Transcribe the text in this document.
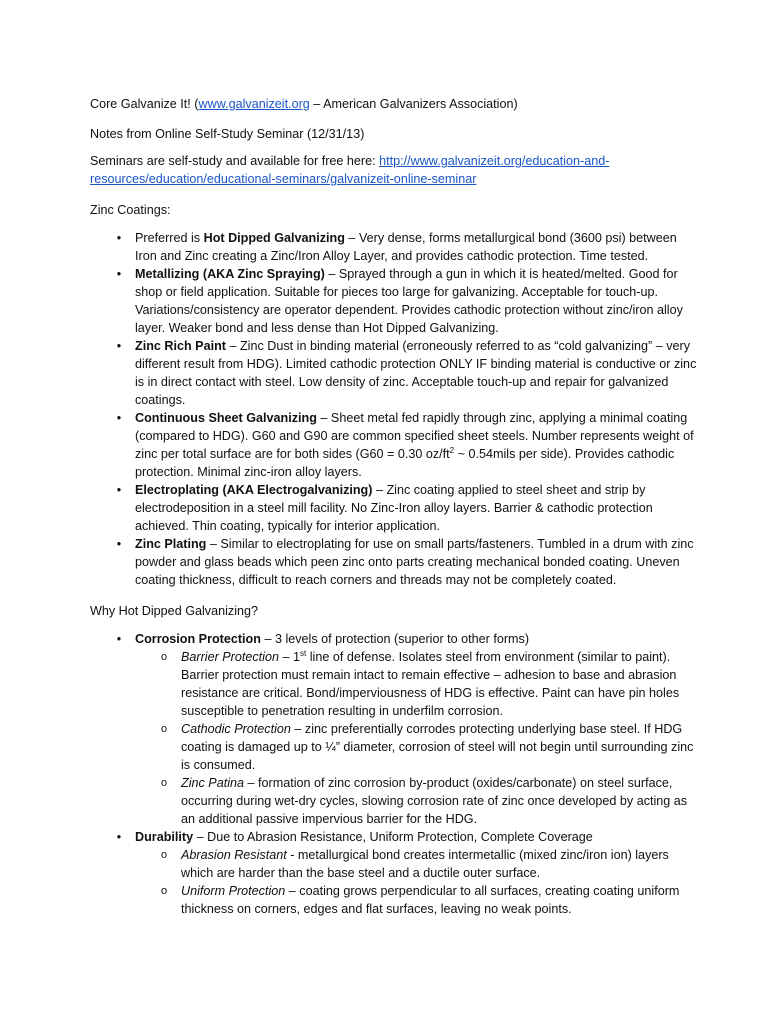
Core Galvanize It! (www.galvanizeit.org – American Galvanizers Association)
Notes from Online Self-Study Seminar (12/31/13)
Seminars are self-study and available for free here: http://www.galvanizeit.org/education-and-resources/education/educational-seminars/galvanizeit-online-seminar
Zinc Coatings:
• Preferred is Hot Dipped Galvanizing – Very dense, forms metallurgical bond (3600 psi) between Iron and Zinc creating a Zinc/Iron Alloy Layer, and provides cathodic protection. Time tested.
• Metallizing (AKA Zinc Spraying) – Sprayed through a gun in which it is heated/melted. Good for shop or field application. Suitable for pieces too large for galvanizing. Acceptable for touch-up. Variations/consistency are operator dependent. Provides cathodic protection without zinc/iron alloy layer. Weaker bond and less dense than Hot Dipped Galvanizing.
• Zinc Rich Paint – Zinc Dust in binding material (erroneously referred to as “cold galvanizing” – very different result from HDG). Limited cathodic protection ONLY IF binding material is conductive or zinc is in direct contact with steel. Low density of zinc. Acceptable touch-up and repair for galvanized coatings.
• Continuous Sheet Galvanizing – Sheet metal fed rapidly through zinc, applying a minimal coating (compared to HDG). G60 and G90 are common specified sheet steels. Number represents weight of zinc per total surface are for both sides (G60 = 0.30 $oz/ft^2$ ~ 0.54mils per side). Provides cathodic protection. Minimal zinc-iron alloy layers.
• Electroplating (AKA Electrogalvanizing) – Zinc coating applied to steel sheet and strip by electrodeposition in a steel mill facility. No Zinc-Iron alloy layers. Barrier & cathodic protection achieved. Thin coating, typically for interior application.
• Zinc Plating – Similar to electroplating for use on small parts/fasteners. Tumbled in a drum with zinc powder and glass beads which peen zinc onto parts creating mechanical bonded coating. Uneven coating thickness, difficult to reach corners and threads may not be completely coated.
Why Hot Dipped Galvanizing?
• Corrosion Protection – 3 levels of protection (superior to other forms)
o Barrier Protection – 1st line of defense. Isolates steel from environment (similar to paint). Barrier protection must remain intact to remain effective – adhesion to base and abrasion resistance are critical. Bond/imperviousness of HDG is effective. Paint can have pin holes susceptible to penetration resulting in underfilm corrosion.
o Cathodic Protection – zinc preferentially corrodes protecting underlying base steel. If HDG coating is damaged up to ¼” diameter, corrosion of steel will not begin until surrounding zinc is consumed.
o Zinc Patina – formation of zinc corrosion by-product (oxides/carbonate) on steel surface, occurring during wet-dry cycles, slowing corrosion rate of zinc once developed by acting as an additional passive impervious barrier for the HDG.
• Durability – Due to Abrasion Resistance, Uniform Protection, Complete Coverage
o Abrasion Resistant - metallurgical bond creates intermetallic (mixed zinc/iron ion) layers which are harder than the base steel and a ductile outer surface.
o Uniform Protection – coating grows perpendicular to all surfaces, creating coating uniform thickness on corners, edges and flat surfaces, leaving no weak points.
